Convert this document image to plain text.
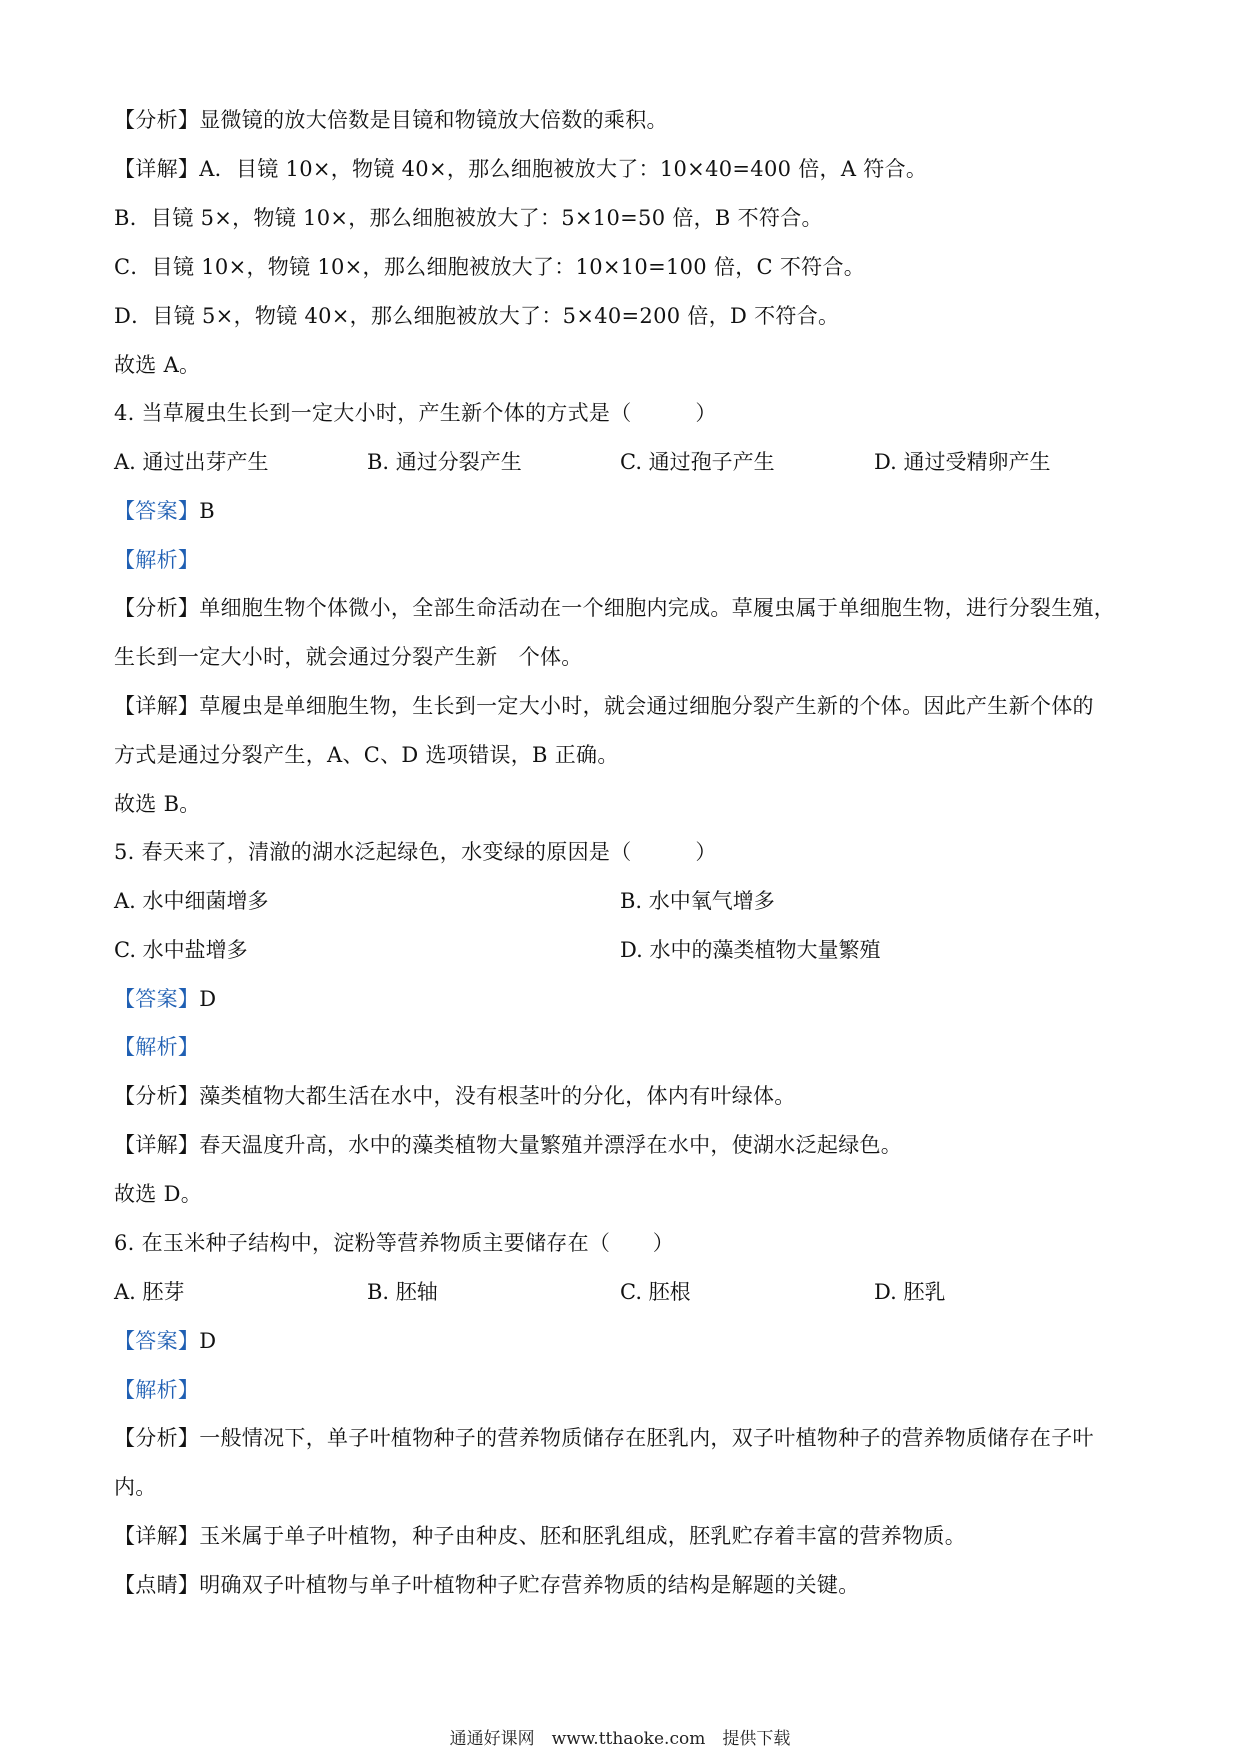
【分析】显微镜的放大倍数是目镜和物镜放大倍数的乘积。
【详解】A．目镜 10×，物镜 40×，那么细胞被放大了：10×40=400 倍，A 符合。
B．目镜 5×，物镜 10×，那么细胞被放大了：5×10=50 倍，B 不符合。
C．目镜 10×，物镜 10×，那么细胞被放大了：10×10=100 倍，C 不符合。
D．目镜 5×，物镜 40×，那么细胞被放大了：5×40=200 倍，D 不符合。
故选 A。
4. 当草履虫生长到一定大小时，产生新个体的方式是（　　　）
A. 通过出芽产生	B. 通过分裂产生	C. 通过孢子产生	D. 通过受精卵产生
【答案】B
【解析】
【分析】单细胞生物个体微小，全部生命活动在一个细胞内完成。草履虫属于单细胞生物，进行分裂生殖，
生长到一定大小时，就会通过分裂产生新　个体。
【详解】草履虫是单细胞生物，生长到一定大小时，就会通过细胞分裂产生新的个体。因此产生新个体的
方式是通过分裂产生，A、C、D 选项错误，B 正确。
故选 B。
5. 春天来了，清澈的湖水泛起绿色，水变绿的原因是（　　　）
A. 水中细菌增多	B. 水中氧气增多
C. 水中盐增多	D. 水中的藻类植物大量繁殖
【答案】D
【解析】
【分析】藻类植物大都生活在水中，没有根茎叶的分化，体内有叶绿体。
【详解】春天温度升高，水中的藻类植物大量繁殖并漂浮在水中，使湖水泛起绿色。
故选 D。
6. 在玉米种子结构中，淀粉等营养物质主要储存在（　　）
A. 胚芽	B. 胚轴	C. 胚根	D. 胚乳
【答案】D
【解析】
【分析】一般情况下，单子叶植物种子的营养物质储存在胚乳内，双子叶植物种子的营养物质储存在子叶
内。
【详解】玉米属于单子叶植物，种子由种皮、胚和胚乳组成，胚乳贮存着丰富的营养物质。
【点睛】明确双子叶植物与单子叶植物种子贮存营养物质的结构是解题的关键。
通通好课网　www.tthaoke.com　提供下载
